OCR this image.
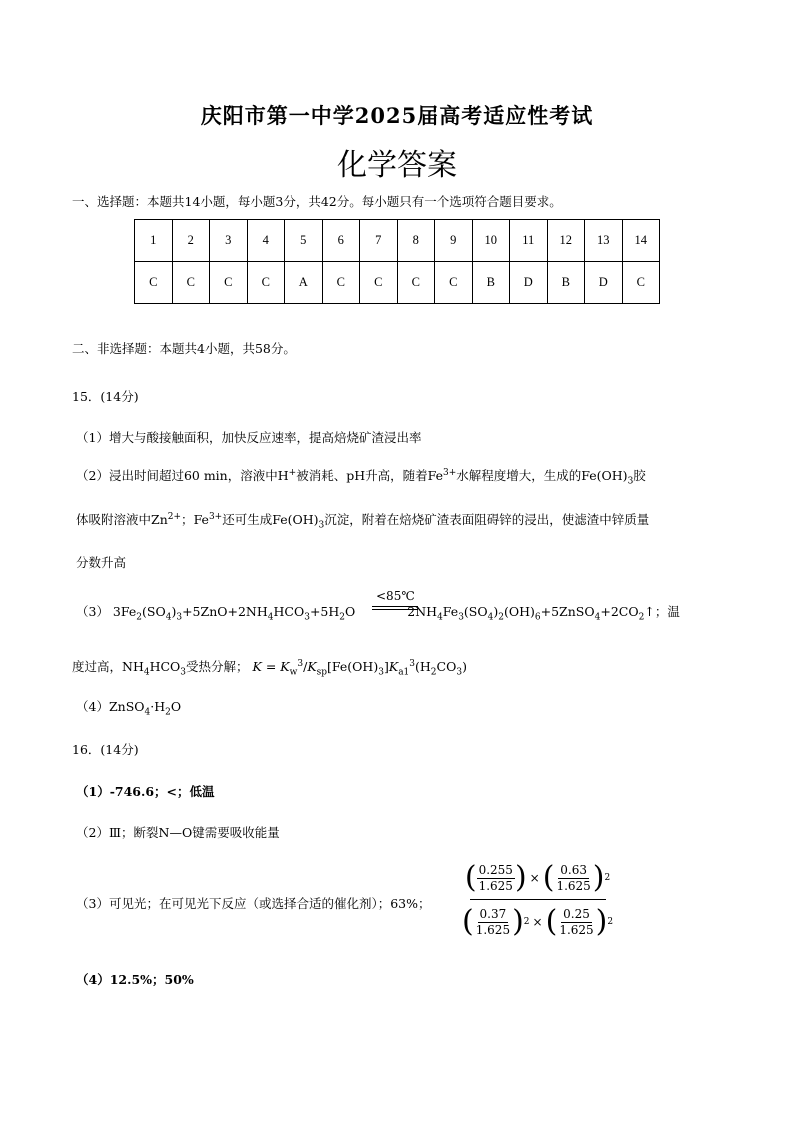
庆阳市第一中学2025届高考适应性考试
化学答案
一、选择题：本题共14小题，每小题3分，共42分。每小题只有一个选项符合题目要求。
1	2	3	4	5	6	7	8	9	10	11	12	13	14
C	C	C	C	A	C	C	C	C	B	D	B	D	C
二、非选择题：本题共4小题，共58分。
15．(14分)
（1）增大与酸接触面积，加快反应速率，提高焙烧矿渣浸出率
（2）浸出时间超过60 min，溶液中H+被消耗、pH升高，随着$Fe^{3+}$水解程度增大，生成的$Fe(OH)_3$胶
体吸附溶液中$Zn^{2+}$；$Fe^{3+}$还可生成$Fe(OH)_3$沉淀，附着在焙烧矿渣表面阻碍锌的浸出，使滤渣中锌质量
分数升高
（3） $3Fe_2(SO_4)_3+5ZnO+2NH_4HCO_3+5H_2O$	$2NH_4Fe_3(SO_4)_2(OH)_6+5ZnSO_4+2CO_2↑$；温
<85℃
度过高，$NH_4HCO_3$受热分解； $K = K_w^3/K_{sp}[Fe(OH)_3]K_{a1}^3(H_2CO_3)$
$(4)ZnSO_4\cdot H_2O$
16．(14分)
（1）-746.6；<；低温
（2）Ⅲ；断裂N—O键需要吸收能量
（3）可见光；在可见光下反应（或选择合适的催化剂）；63%；
( $\frac{0.255}{1.625}$ ) × ( $\frac{0.63}{1.625}$ ) 2
( $\frac{0.37}{1.625}$ ) 2 × ( $\frac{0.25}{1.625}$ ) 2
（4）12.5%；50%
